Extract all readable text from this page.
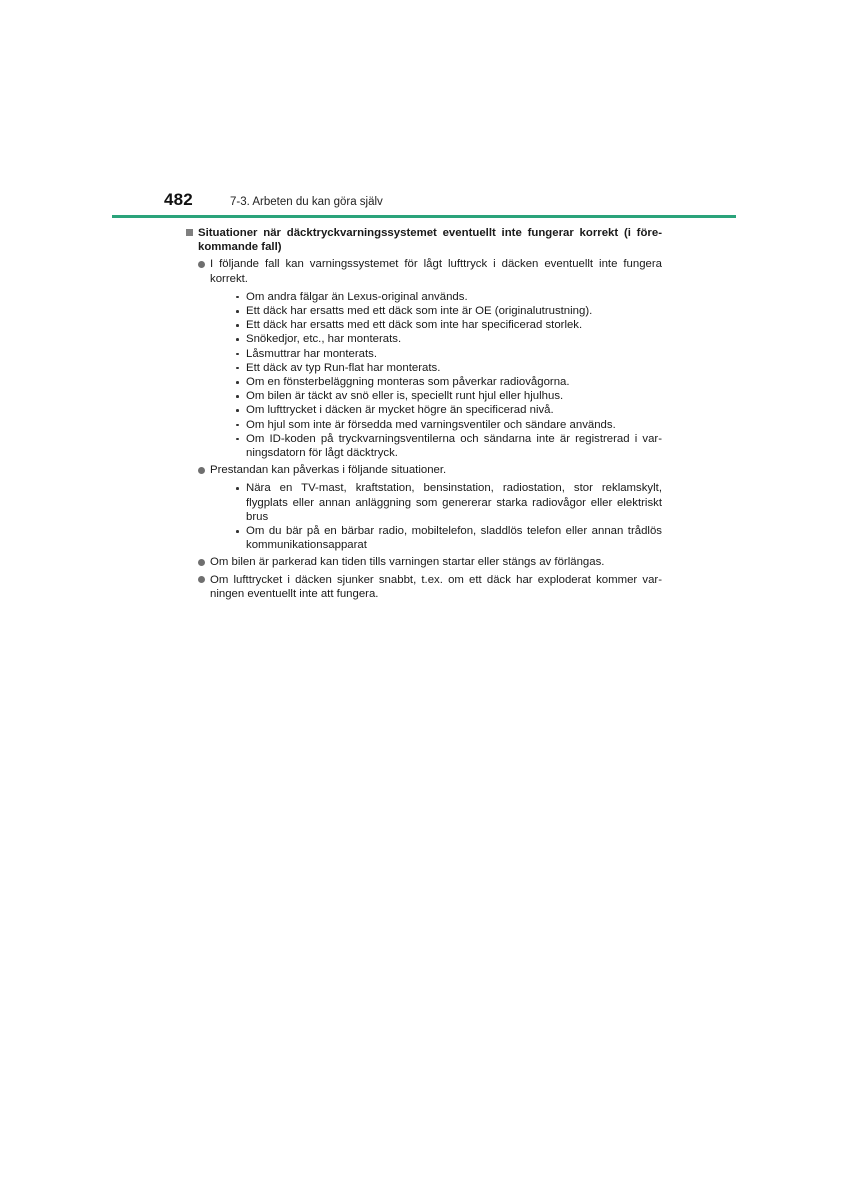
482	7-3. Arbeten du kan göra själv
Situationer när däcktryckvarningssystemet eventuellt inte fungerar korrekt (i före-kommande fall)
I följande fall kan varningssystemet för lågt lufttryck i däcken eventuellt inte fungera korrekt.
Om andra fälgar än Lexus-original används.
Ett däck har ersatts med ett däck som inte är OE (originalutrustning).
Ett däck har ersatts med ett däck som inte har specificerad storlek.
Snökedjor, etc., har monterats.
Låsmuttrar har monterats.
Ett däck av typ Run-flat har monterats.
Om en fönsterbeläggning monteras som påverkar radiovågorna.
Om bilen är täckt av snö eller is, speciellt runt hjul eller hjulhus.
Om lufttrycket i däcken är mycket högre än specificerad nivå.
Om hjul som inte är försedda med varningsventiler och sändare används.
Om ID-koden på tryckvarningsventilerna och sändarna inte är registrerad i var-ningsdatorn för lågt däcktryck.
Prestandan kan påverkas i följande situationer.
Nära en TV-mast, kraftstation, bensinstation, radiostation, stor reklamskylt, flygplats eller annan anläggning som genererar starka radiovågor eller elektriskt brus
Om du bär på en bärbar radio, mobiltelefon, sladdlös telefon eller annan trådlös kommunikationsapparat
Om bilen är parkerad kan tiden tills varningen startar eller stängs av förlängas.
Om lufttrycket i däcken sjunker snabbt, t.ex. om ett däck har exploderat kommer var-ningen eventuellt inte att fungera.
